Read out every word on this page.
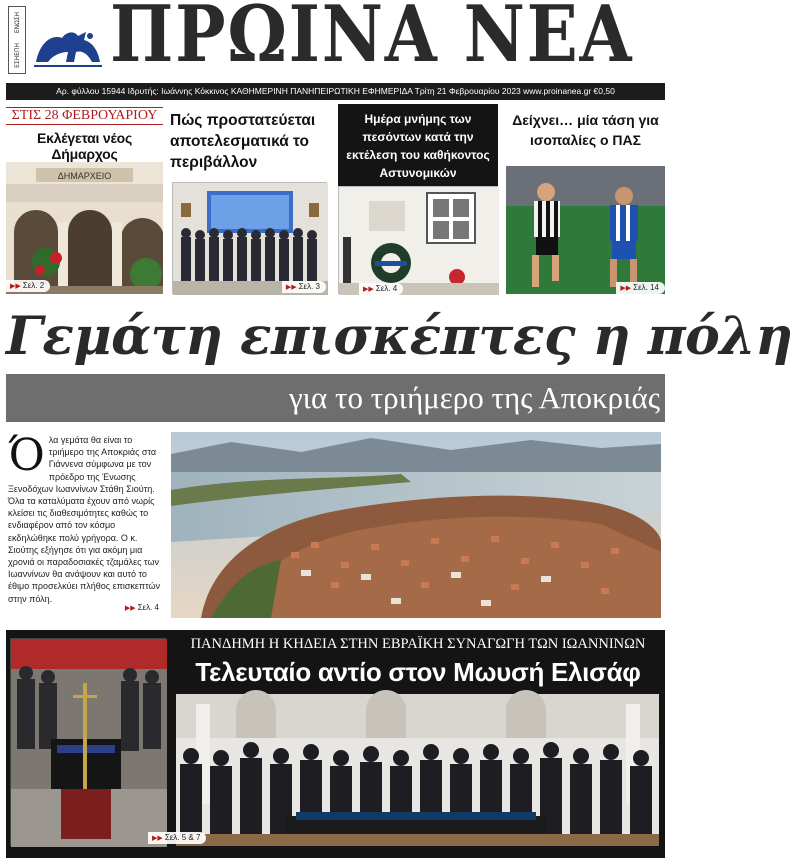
ΕΝΩΣΗ
ΕΣΗΕΠΗ ΠΡΩΙΝΑ ΝΕΑ
Αρ. φύλλου 15944 Ιδρυτής: Ιωάννης Κόκκινος ΚΑΘΗΜΕΡΙΝΗ ΠΑΝΗΠΕΙΡΩΤΙΚΗ ΕΦΗΜΕΡΙΔΑ Τρίτη 21 Φεβρουαρίου 2023 www.proinanea.gr €0,50
ΣΤΙΣ 28 ΦΕΒΡΟΥΑΡΙΟΥ
Εκλέγεται νέος Δήμαρχος
ΔΗΜΑΡΧΕΙΟ
▶▶ Σελ. 2
Πώς προστατεύεται αποτελεσματικά το περιβάλλον
▶▶ Σελ. 3
Ημέρα μνήμης των πεσόντων κατά την εκτέλεση του καθήκοντος Αστυνομικών
▶▶ Σελ. 4
Δείχνει… μία τάση για ισοπαλίες ο ΠΑΣ
▶▶ Σελ. 14
Γεμάτη επισκέπτες η πόλη
για το τριήμερο της Αποκριάς
Ό λα γεμάτα θα είναι το τριήμερο της Αποκριάς στα Γιάννενα σύμφωνα με τον πρόεδρο της Ένωσης Ξενοδόχων Ιωαννίνων Στάθη Σιούτη. Όλα τα καταλύματα έχουν από νωρίς κλείσει τις διαθεσιμότητες καθώς το ενδιαφέρον από τον κόσμο εκδηλώθηκε πολύ γρήγορα. Ο κ. Σιούτης εξήγησε ότι για ακόμη μια χρονιά οι παραδοσιακές τζαμάλες των Ιωαννίνων θα ανάψουν και αυτό το έθιμο προσελκύει πλήθος επισκεπτών στην πόλη.
▶▶ Σελ. 4
ΠΑΝΔΗΜΗ Η ΚΗΔΕΙΑ ΣΤΗΝ ΕΒΡΑΪΚΗ ΣΥΝΑΓΩΓΗ ΤΩΝ ΙΩΑΝΝΙΝΩΝ
Τελευταίο αντίο στον Μωυσή Ελισάφ
▶▶ Σελ. 5 & 7
